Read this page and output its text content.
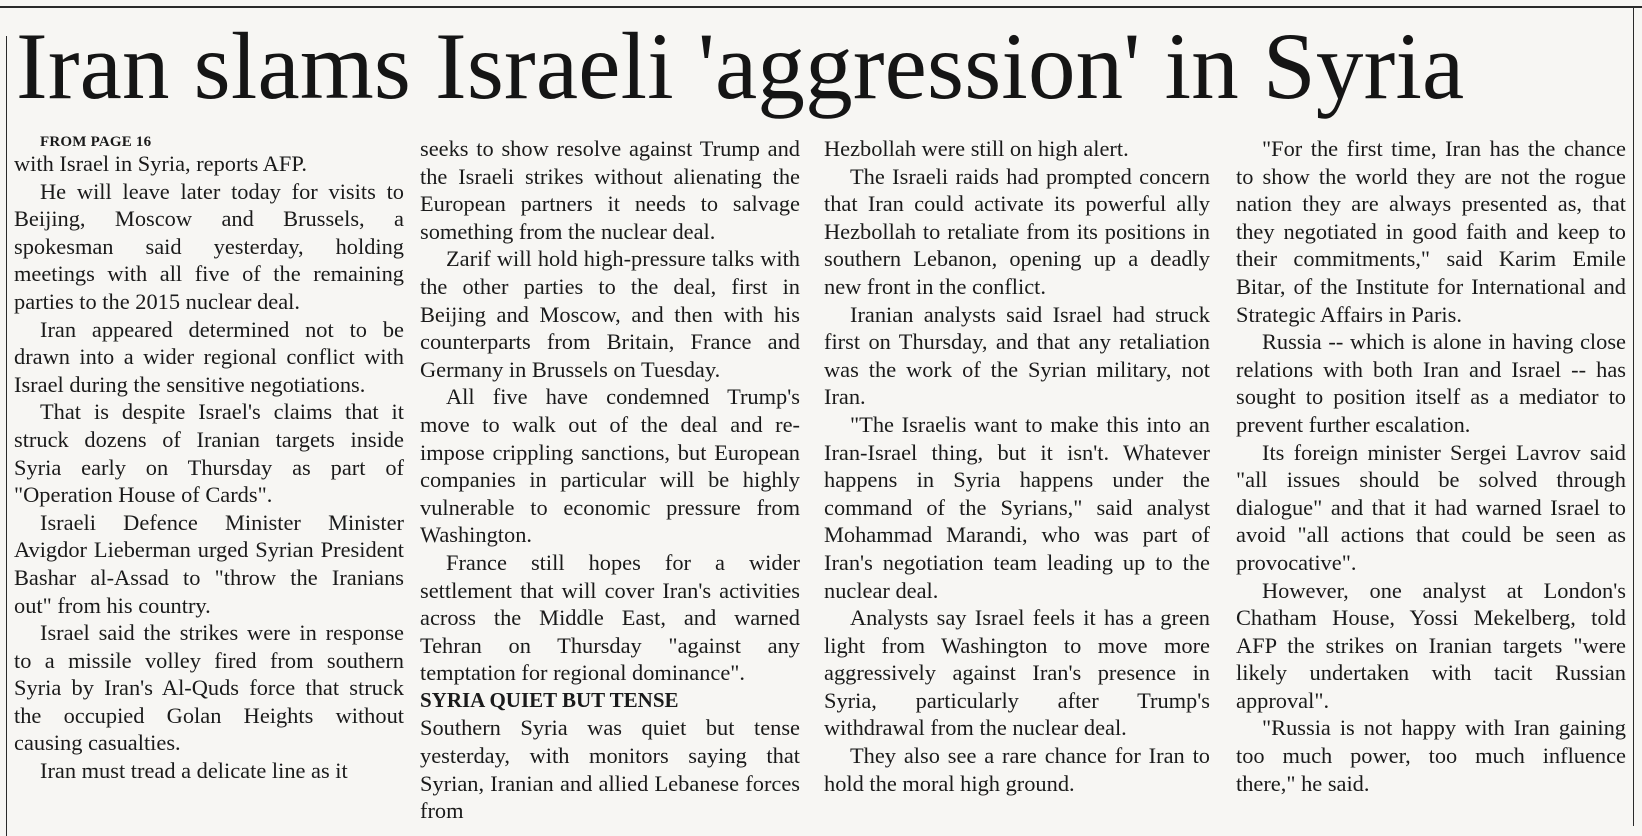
Iran slams Israeli 'aggression' in Syria

FROM PAGE 16

with Israel in Syria, reports AFP.

He will leave later today for visits to Beijing, Moscow and Brussels, a spokesman said yesterday, holding meetings with all five of the remaining parties to the 2015 nuclear deal.

Iran appeared determined not to be drawn into a wider regional conflict with Israel during the sensitive negotiations.

That is despite Israel's claims that it struck dozens of Iranian targets inside Syria early on Thursday as part of "Operation House of Cards".

Israeli Defence Minister Minister Avigdor Lieberman urged Syrian President Bashar al-Assad to "throw the Iranians out" from his country.

Israel said the strikes were in response to a missile volley fired from southern Syria by Iran's Al-Quds force that struck the occupied Golan Heights without causing casualties.

Iran must tread a delicate line as it

seeks to show resolve against Trump and the Israeli strikes without alienating the European partners it needs to salvage something from the nuclear deal.

Zarif will hold high-pressure talks with the other parties to the deal, first in Beijing and Moscow, and then with his counterparts from Britain, France and Germany in Brussels on Tuesday.

All five have condemned Trump's move to walk out of the deal and re-impose crippling sanctions, but European companies in particular will be highly vulnerable to economic pressure from Washington.

France still hopes for a wider settlement that will cover Iran's activities across the Middle East, and warned Tehran on Thursday "against any temptation for regional dominance".

SYRIA QUIET BUT TENSE

Southern Syria was quiet but tense yesterday, with monitors saying that Syrian, Iranian and allied Lebanese forces from

Hezbollah were still on high alert.

The Israeli raids had prompted concern that Iran could activate its powerful ally Hezbollah to retaliate from its positions in southern Lebanon, opening up a deadly new front in the conflict.

Iranian analysts said Israel had struck first on Thursday, and that any retaliation was the work of the Syrian military, not Iran.

"The Israelis want to make this into an Iran-Israel thing, but it isn't. Whatever happens in Syria happens under the command of the Syrians," said analyst Mohammad Marandi, who was part of Iran's negotiation team leading up to the nuclear deal.

Analysts say Israel feels it has a green light from Washington to move more aggressively against Iran's presence in Syria, particularly after Trump's withdrawal from the nuclear deal.

They also see a rare chance for Iran to hold the moral high ground.

"For the first time, Iran has the chance to show the world they are not the rogue nation they are always presented as, that they negotiated in good faith and keep to their commitments," said Karim Emile Bitar, of the Institute for International and Strategic Affairs in Paris.

Russia -- which is alone in having close relations with both Iran and Israel -- has sought to position itself as a mediator to prevent further escalation.

Its foreign minister Sergei Lavrov said "all issues should be solved through dialogue" and that it had warned Israel to avoid "all actions that could be seen as provocative".

However, one analyst at London's Chatham House, Yossi Mekelberg, told AFP the strikes on Iranian targets "were likely undertaken with tacit Russian approval".

"Russia is not happy with Iran gaining too much power, too much influence there," he said.
